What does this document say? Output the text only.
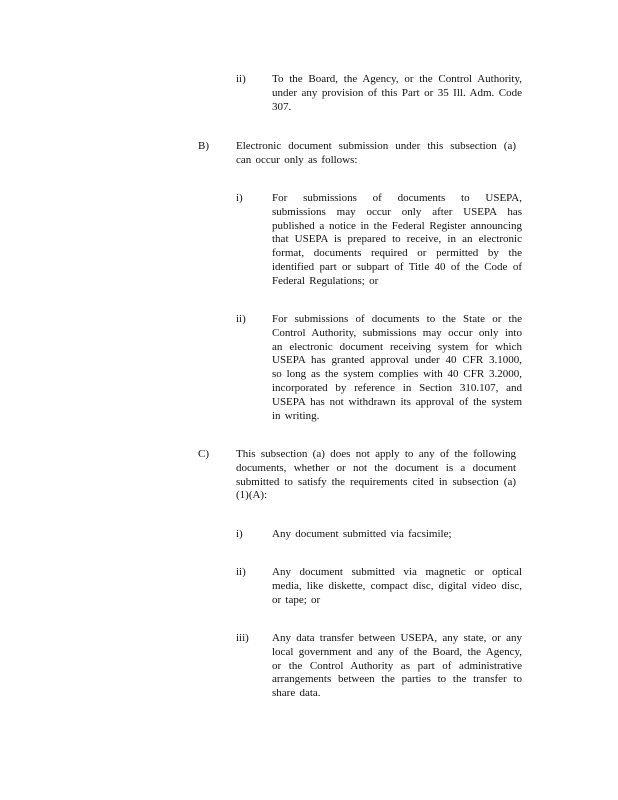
ii) To the Board, the Agency, or the Control Authority, under any provision of this Part or 35 Ill. Adm. Code 307.
B) Electronic document submission under this subsection (a) can occur only as follows:
i)	For submissions of documents to USEPA, submissions may occur only after USEPA has published a notice in the Federal Register announcing that USEPA is prepared to receive, in an electronic format, documents required or permitted by the identified part or subpart of Title 40 of the Code of Federal Regulations; or
ii) For submissions of documents to the State or the Control Authority, submissions may occur only into an electronic document receiving system for which USEPA has granted approval under 40 CFR 3.1000, so long as the system complies with 40 CFR 3.2000, incorporated by reference in Section 310.107, and USEPA has not withdrawn its approval of the system in writing.
C) This subsection (a) does not apply to any of the following documents, whether or not the document is a document submitted to satisfy the requirements cited in subsection (a)(1)(A):
i)	Any document submitted via facsimile;
ii) Any document submitted via magnetic or optical media, like diskette, compact disc, digital video disc, or tape; or
iii) Any data transfer between USEPA, any state, or any local government and any of the Board, the Agency, or the Control Authority as part of administrative arrangements between the parties to the transfer to share data.
